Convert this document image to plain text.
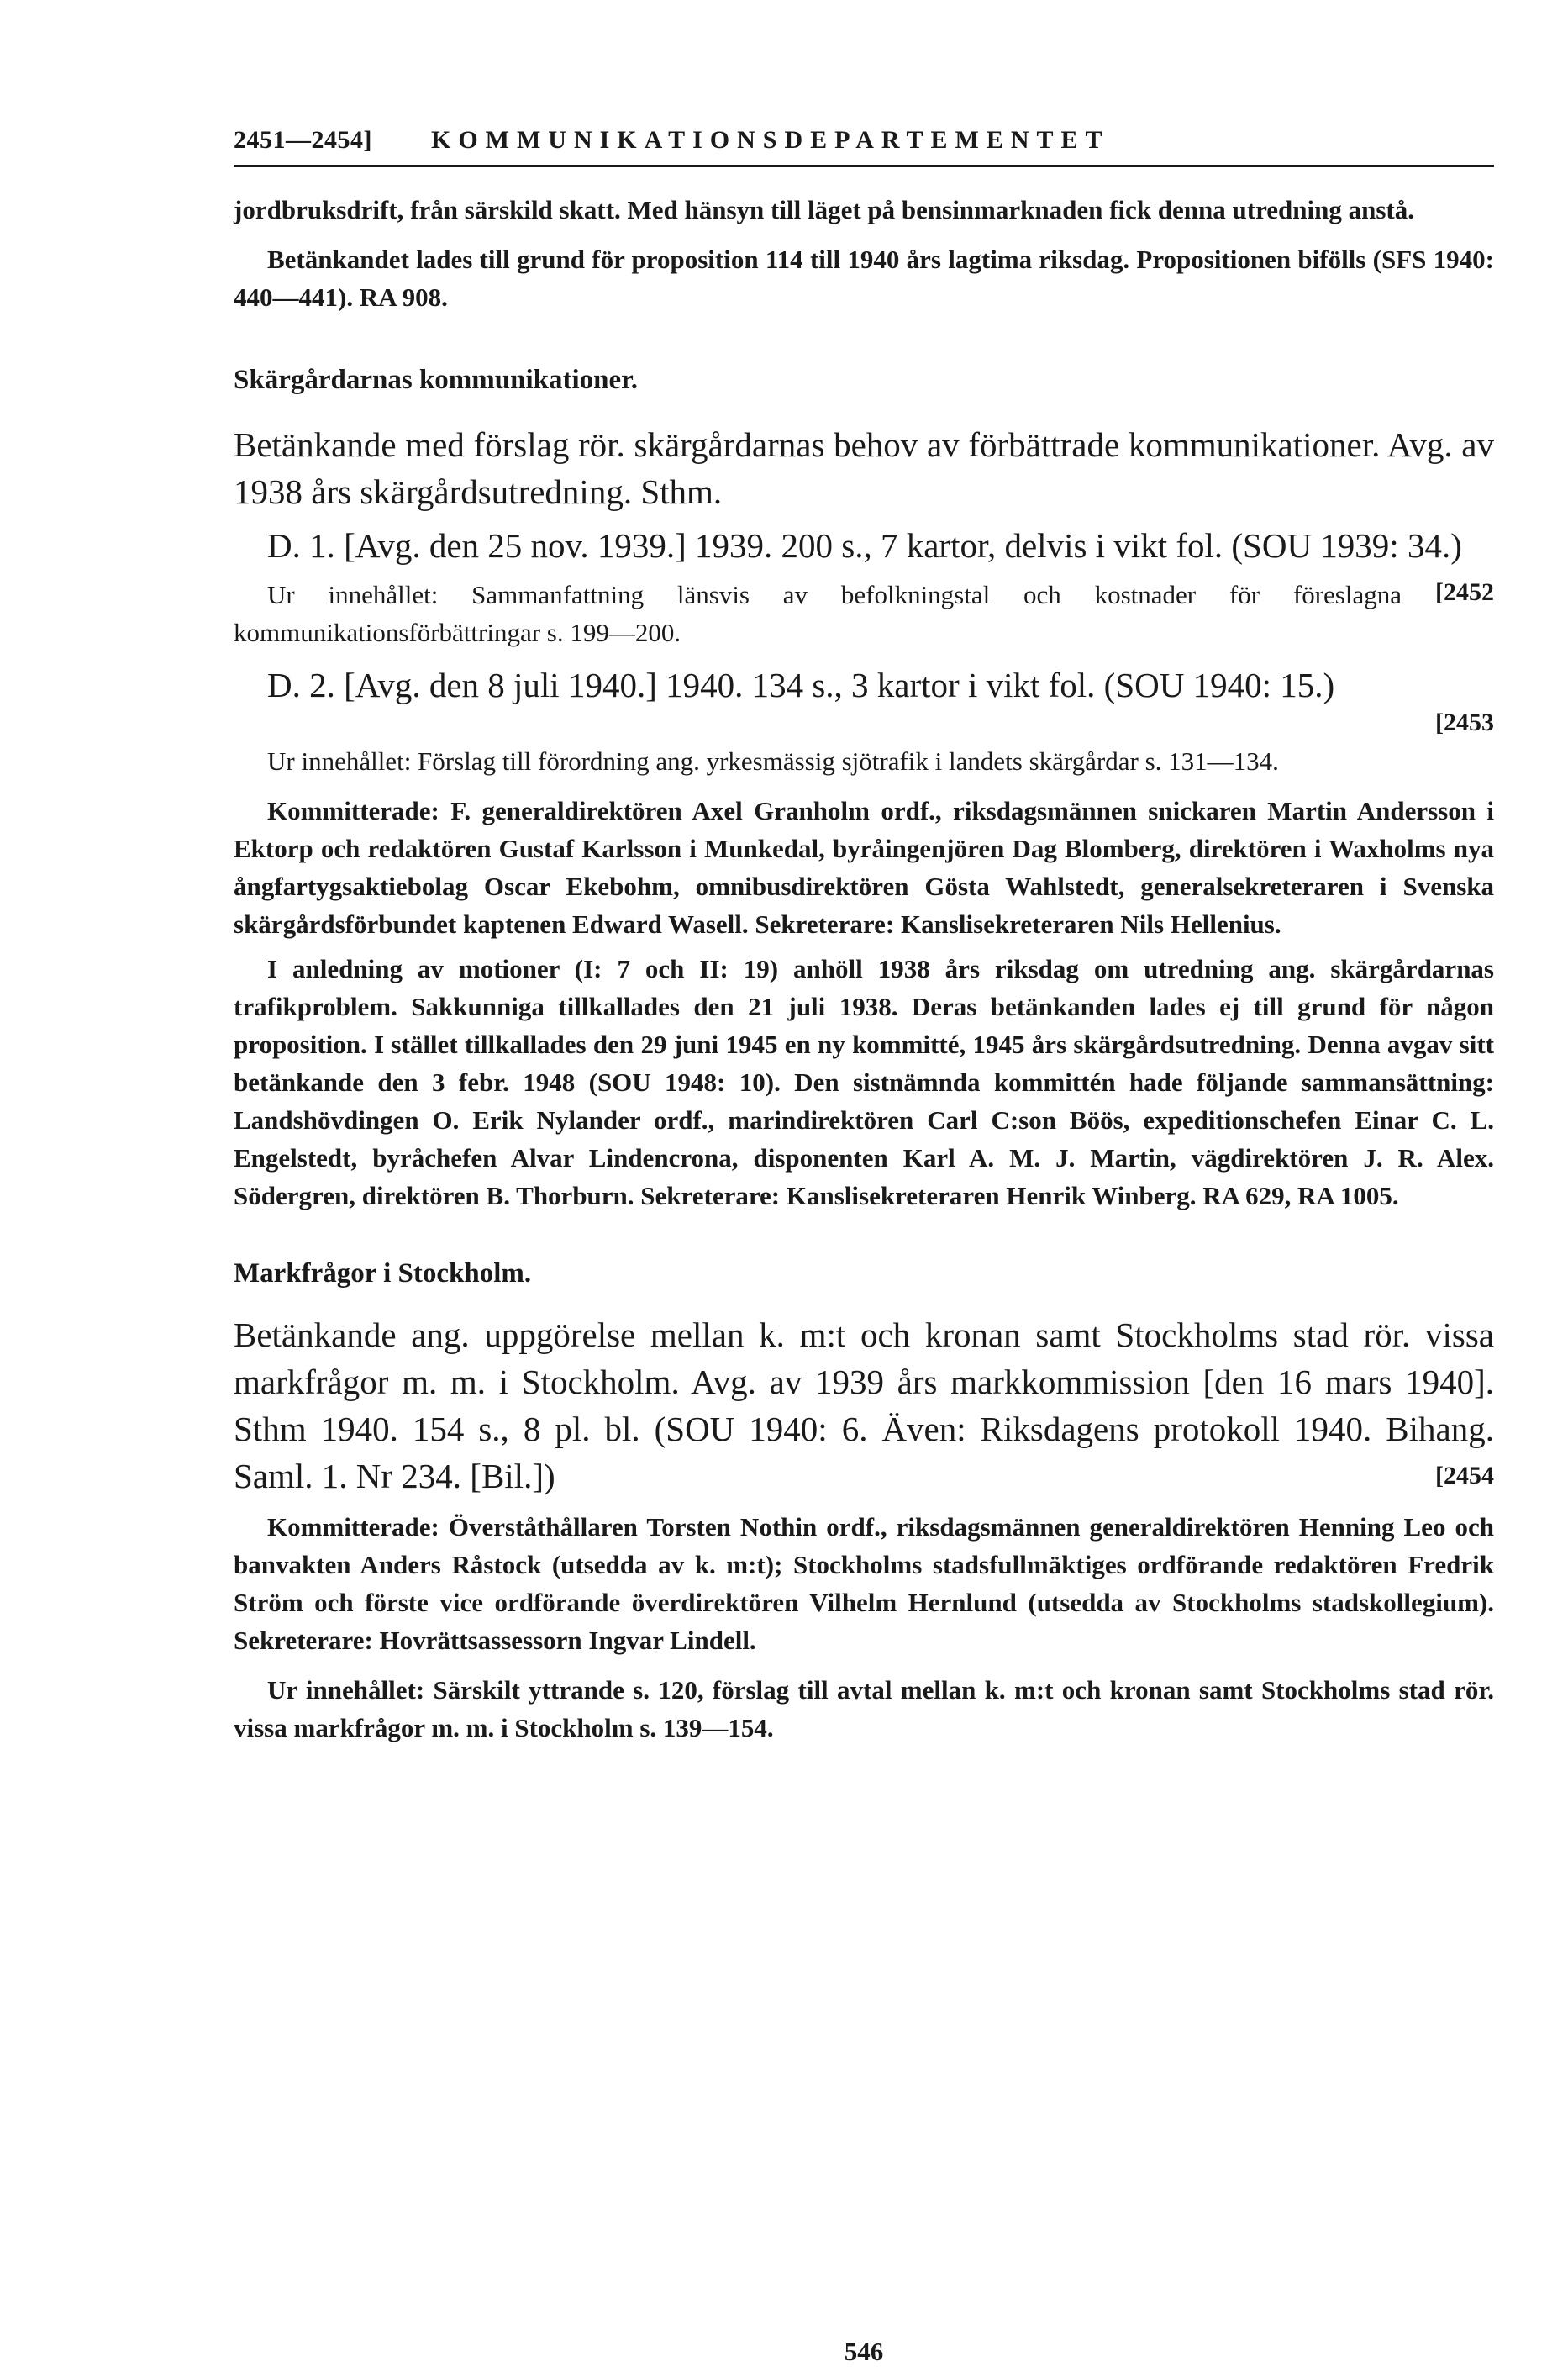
2451—2454] KOMMUNIKATIONSDEPARTEMENTET

jordbruksdrift, från särskild skatt. Med hänsyn till läget på bensinmarknaden fick denna utredning anstå.

Betänkandet lades till grund för proposition 114 till 1940 års lagtima riksdag. Propositionen bifölls (SFS 1940: 440—441). RA 908.

Skärgårdarnas kommunikationer.

Betänkande med förslag rör. skärgårdarnas behov av förbättrade kommunikationer. Avg. av 1938 års skärgårdsutredning. Sthm.

D. 1. [Avg. den 25 nov. 1939.] 1939. 200 s., 7 kartor, delvis i vikt fol. (SOU 1939: 34.)
[2452

Ur innehållet: Sammanfattning länsvis av befolkningstal och kostnader för föreslagna kommunikationsförbättringar s. 199—200.

D. 2. [Avg. den 8 juli 1940.] 1940. 134 s., 3 kartor i vikt fol. (SOU 1940: 15.)

[2453

Ur innehållet: Förslag till förordning ang. yrkesmässig sjötrafik i landets skärgårdar s. 131—134.

Kommitterade: F. generaldirektören Axel Granholm ordf., riksdagsmännen snickaren Martin Andersson i Ektorp och redaktören Gustaf Karlsson i Munkedal, byråingenjören Dag Blomberg, direktören i Waxholms nya ångfartygsaktiebolag Oscar Ekebohm, omnibusdirektören Gösta Wahlstedt, generalsekreteraren i Svenska skärgårdsförbundet kaptenen Edward Wasell. Sekreterare: Kanslisekreteraren Nils Hellenius.

I anledning av motioner (I: 7 och II: 19) anhöll 1938 års riksdag om utredning ang. skärgårdarnas trafikproblem. Sakkunniga tillkallades den 21 juli 1938. Deras betänkanden lades ej till grund för någon proposition. I stället tillkallades den 29 juni 1945 en ny kommitté, 1945 års skärgårdsutredning. Denna avgav sitt betänkande den 3 febr. 1948 (SOU 1948: 10). Den sistnämnda kommittén hade följande sammansättning: Landshövdingen O. Erik Nylander ordf., marindirektören Carl C:son Böös, expeditionschefen Einar C. L. Engelstedt, byråchefen Alvar Lindencrona, disponenten Karl A. M. J. Martin, vägdirektören J. R. Alex. Södergren, direktören B. Thorburn. Sekreterare: Kanslisekreteraren Henrik Winberg. RA 629, RA 1005.

Markfrågor i Stockholm.

Betänkande ang. uppgörelse mellan k. m:t och kronan samt Stockholms stad rör. vissa markfrågor m. m. i Stockholm. Avg. av 1939 års markkommission [den 16 mars 1940]. Sthm 1940. 154 s., 8 pl. bl. (SOU 1940: 6. Även: Riksdagens protokoll 1940. Bihang. Saml. 1. Nr 234. [Bil.])	[2454

Kommitterade: Överståthållaren Torsten Nothin ordf., riksdagsmännen generaldirektören Henning Leo och banvakten Anders Råstock (utsedda av k. m:t); Stockholms stadsfullmäktiges ordförande redaktören Fredrik Ström och förste vice ordförande överdirektören Vilhelm Hernlund (utsedda av Stockholms stadskollegium). Sekreterare: Hovrättsassessorn Ingvar Lindell.

Ur innehållet: Särskilt yttrande s. 120, förslag till avtal mellan k. m:t och kronan samt Stockholms stad rör. vissa markfrågor m. m. i Stockholm s. 139—154.

546
